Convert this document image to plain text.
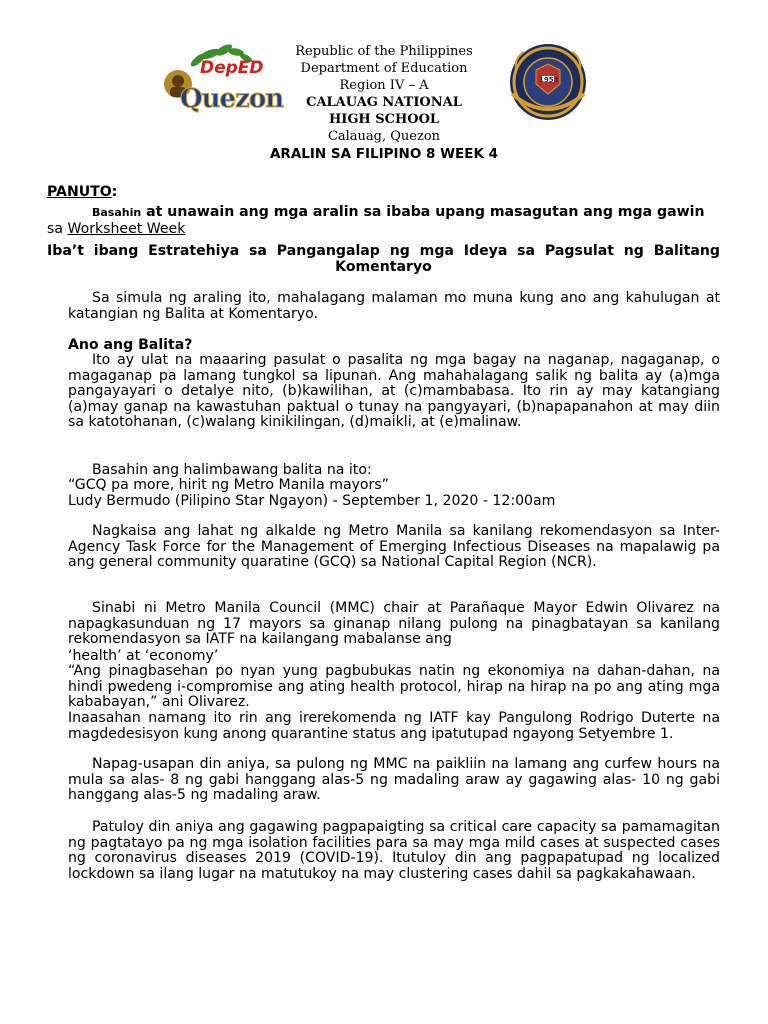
DepED
Quezon
1953
Republic of the Philippines
Department of Education
Region IV – A
CALAUAG NATIONAL
HIGH SCHOOL
Calauag, Quezon
ARALIN SA FILIPINO 8 WEEK 4
PANUTO:
Basahin at unawain ang mga aralin sa ibaba upang masagutan ang mga gawin
sa Worksheet Week
Iba’t ibang Estratehiya sa Pangangalap ng mga Ideya sa Pagsulat ng Balitang
Komentaryo
Sa simula ng araling ito, mahalagang malaman mo muna kung ano ang kahulugan at katangian ng Balita at Komentaryo.
Ano ang Balita?
Ito ay ulat na maaaring pasulat o pasalita ng mga bagay na naganap, nagaganap, o magaganap pa lamang tungkol sa lipunan. Ang mahahalagang salik ng balita ay (a)mga pangayayari o detalye nito, (b)kawilihan, at (c)mambabasa. Ito rin ay may katangiang (a)may ganap na kawastuhan paktual o tunay na pangyayari, (b)napapanahon at may diin sa katotohanan, (c)walang kinikilingan, (d)maikli, at (e)malinaw.
Basahin ang halimbawang balita na ito:
“GCQ pa more, hirit ng Metro Manila mayors”
Ludy Bermudo (Pilipino Star Ngayon) - September 1, 2020 - 12:00am
Nagkaisa ang lahat ng alkalde ng Metro Manila sa kanilang rekomendasyon sa Inter-Agency Task Force for the Management of Emerging Infectious Diseases na mapalawig pa ang general community quaratine (GCQ) sa National Capital Region (NCR).
Sinabi ni Metro Manila Council (MMC) chair at Parañaque Mayor Edwin Olivarez na napagkasunduan ng 17 mayors sa ginanap nilang pulong na pinagbatayan sa kanilang rekomendasyon sa IATF na kailangang mabalanse ang
‘health’ at ‘economy’
“Ang pinagbasehan po nyan yung pagbubukas natin ng ekonomiya na dahan-dahan, na hindi pwedeng i-compromise ang ating health protocol, hirap na hirap na po ang ating mga kababayan,” ani Olivarez.
Inaasahan namang ito rin ang irerekomenda ng IATF kay Pangulong Rodrigo Duterte na magdedesisyon kung anong quarantine status ang ipatutupad ngayong Setyembre 1.
Napag-usapan din aniya, sa pulong ng MMC na paikliin na lamang ang curfew hours na mula sa alas- 8 ng gabi hanggang alas-5 ng madaling araw ay gagawing alas- 10 ng gabi hanggang alas-5 ng madaling araw.
Patuloy din aniya ang gagawing pagpapaigting sa critical care capacity sa pamamagitan ng pagtatayo pa ng mga isolation facilities para sa may mga mild cases at suspected cases ng coronavirus diseases 2019 (COVID-19). Itutuloy din ang pagpapatupad ng localized lockdown sa ilang lugar na matutukoy na may clustering cases dahil sa pagkakahawaan.
